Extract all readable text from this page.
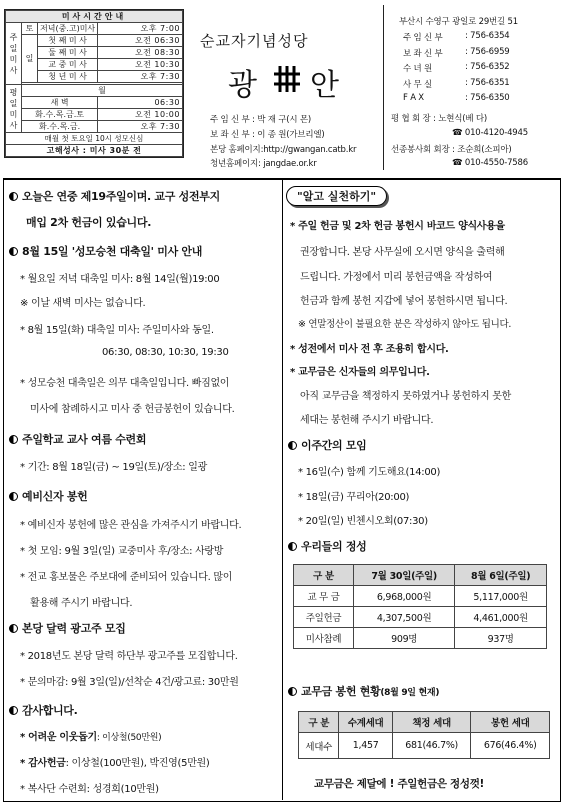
미사시간안내			
주
일
미
사	토	저녁(중.고)미사	오후 7:00
	일	첫 째 미 사	오전 06:30
		둘 째 미 사	오전 08:30
		교 중 미 사	오전 10:30
		청 년 미 사	오후 7:30

평
일
미
사	월		
	새 벽		06:30
	화.수.목.금.토		오전 10:00
	화.수.목.금.		오후 7:30
매월 첫 토요일 10시 성모신심			
고해성사 : 미사 30분 전			
순교자기념성당
광 안
주 임 신 부 : 박 재 구(시 몬)
보 좌 신 부 : 이 종 원(가브리엘)
본당 홈페이지:http://gwangan.catb.kr
청년홈페이지: jangdae.or.kr
부산시 수영구 광일로 29번길 51
주 임 신 부	: 756-6354
보 좌 신 부	: 756-6959
수 녀 원	: 756-6352
사 무 실	: 756-6351
F A X	: 756-6350
평 협 회 장 : 노현식(베 다)
☎ 010-4120-4945
선종봉사회 회장 : 조순희(소피아)
☎ 010-4550-7586
오늘은 연중 제19주일이며. 교구 성전부지
매입 2차 헌금이 있습니다.
8월 15일 '성모승천 대축일' 미사 안내
* 월요일 저녁 대축일 미사: 8월 14일(월)19:00
※ 이날 새벽 미사는 없습니다.
* 8월 15일(화) 대축일 미사: 주일미사와 동일.
06:30, 08:30, 10:30, 19:30
* 성모승천 대축일은 의무 대축일입니다. 빠짐없이
미사에 참례하시고 미사 중 헌금봉헌이 있습니다.
주일학교 교사 여름 수련회
* 기간: 8월 18일(금) ~ 19일(토)/장소: 일광
예비신자 봉헌
* 예비신자 봉헌에 많은 관심을 가져주시기 바랍니다.
* 첫 모임: 9월 3일(일) 교중미사 후/장소: 사랑방
* 전교 홍보물은 주보대에 준비되어 있습니다. 많이
활용해 주시기 바랍니다.
본당 달력 광고주 모집
* 2018년도 본당 달력 하단부 광고주를 모집합니다.
* 문의마감: 9월 3일(일)/선착순 4건/광고료: 30만원
감사합니다.
* 어려운 이웃돕기: 이상철(50만원)
* 감사헌금: 이상철(100만원), 박진영(5만원)
* 복사단 수련회: 성경희(10만원)
"알고 실천하기"
* 주일 헌금 및 2차 헌금 봉헌시 바코드 양식사용을
권장합니다. 본당 사무실에 오시면 양식을 출력해
드립니다. 가정에서 미리 봉헌금액을 작성하여
헌금과 함께 봉헌 지갑에 넣어 봉헌하시면 됩니다.
※ 연말정산이 불필요한 분은 작성하지 않아도 됩니다.
* 성전에서 미사 전 후 조용히 합시다.
* 교무금은 신자들의 의무입니다.
아직 교무금을 책정하지 못하였거나 봉헌하지 못한
세대는 봉헌해 주시기 바랍니다.
이주간의 모임
* 16일(수) 함께 기도해요(14:00)
* 18일(금) 꾸리아(20:00)
* 20일(일) 빈첸시오회(07:30)
우리들의 정성
구 분	7월 30일(주일)	8월 6일(주일)
교 무 금	6,968,000원	5,117,000원
주일헌금	4,307,500원	4,461,000원
미사참례	909명	937명
교무금 봉헌 현황(8월 9일 현재)
구 분	수계세대	책정 세대	봉헌 세대
세대수	1,457	681(46.7%)	676(46.4%)
교무금은 제달에 ! 주일헌금은 정성껏!
